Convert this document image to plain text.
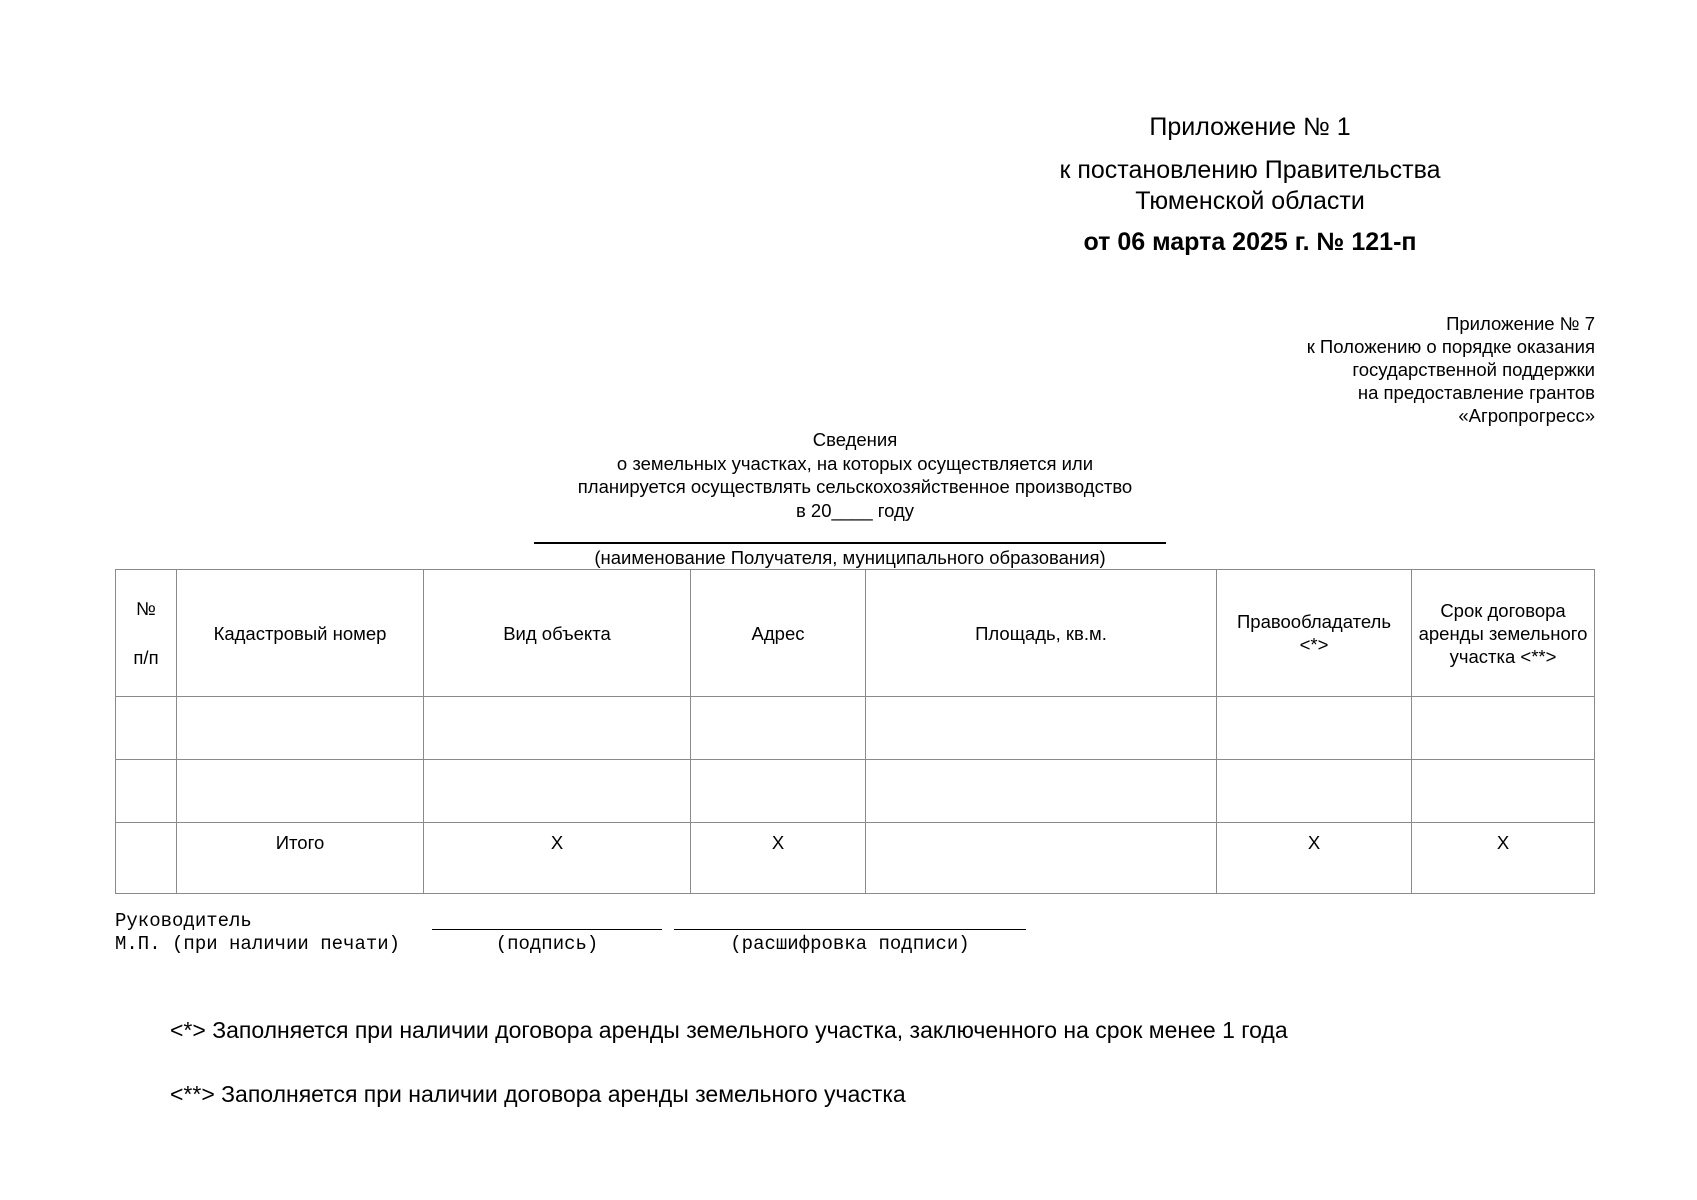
Приложение № 1
к постановлению Правительства
Тюменской области
от 06 марта 2025 г. № 121-п
Приложение № 7
к Положению о порядке оказания
государственной поддержки
на предоставление грантов
«Агропрогресс»
Сведения
о земельных участках, на которых осуществляется или
планируется осуществлять сельскохозяйственное производство
в 20____ году
(наименование Получателя, муниципального образования)
№
п/п	Кадастровый номер	Вид объекта	Адрес	Площадь, кв.м.	Правообладатель <*>	Срок договора аренды земельного участка <**>

	Итого	X	X		X	X
Руководитель
М.П. (при наличии печати)	(подпись)	(расшифровка подписи)
<*> Заполняется при наличии договора аренды земельного участка, заключенного на срок менее 1 года
<**> Заполняется при наличии договора аренды земельного участка
